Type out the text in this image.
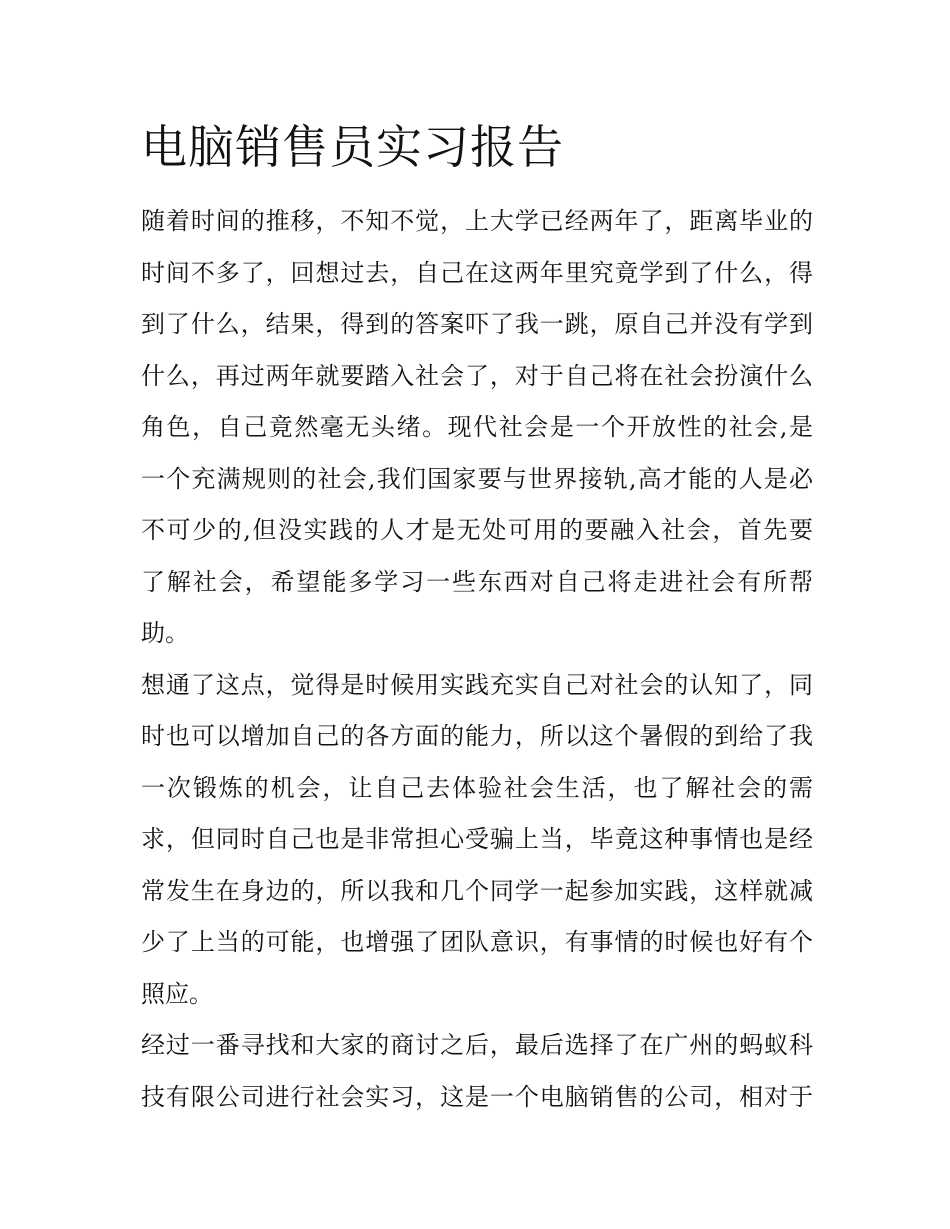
电脑销售员实习报告

随着时间的推移，不知不觉，上大学已经两年了，距离毕业的
时间不多了，回想过去，自己在这两年里究竟学到了什么，得
到了什么，结果，得到的答案吓了我一跳，原自己并没有学到
什么，再过两年就要踏入社会了，对于自己将在社会扮演什么
角色，自己竟然毫无头绪。现代社会是一个开放性的社会,是
一个充满规则的社会,我们国家要与世界接轨,高才能的人是必
不可少的,但没实践的人才是无处可用的要融入社会，首先要
了解社会，希望能多学习一些东西对自己将走进社会有所帮
助。

想通了这点，觉得是时候用实践充实自己对社会的认知了，同
时也可以增加自己的各方面的能力，所以这个暑假的到给了我
一次锻炼的机会，让自己去体验社会生活，也了解社会的需
求，但同时自己也是非常担心受骗上当，毕竟这种事情也是经
常发生在身边的，所以我和几个同学一起参加实践，这样就减
少了上当的可能，也增强了团队意识，有事情的时候也好有个
照应。

经过一番寻找和大家的商讨之后，最后选择了在广州的蚂蚁科
技有限公司进行社会实习，这是一个电脑销售的公司，相对于
